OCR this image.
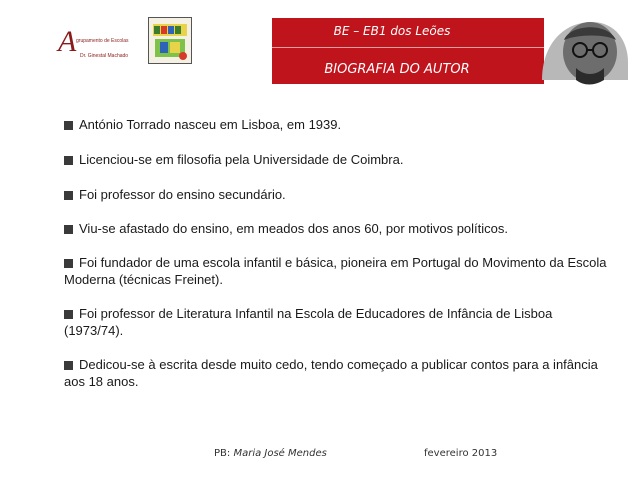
A grupamento de Escolas
Dr. Ginestal Machado
BE – EB1 dos Leões
BIOGRAFIA DO AUTOR

António Torrado nasceu em Lisboa, em 1939.

Licenciou-se em filosofia pela Universidade de Coimbra.

Foi professor do ensino secundário.

Viu-se afastado do ensino, em meados dos anos 60, por motivos políticos.

Foi fundador de uma escola infantil e básica, pioneira em Portugal do Movimento da Escola Moderna (técnicas Freinet).

Foi professor de Literatura Infantil na Escola de Educadores de Infância de Lisboa (1973/74).

Dedicou-se à escrita desde muito cedo, tendo começado a publicar contos para a infância aos 18 anos.

PB: Maria José Mendes	fevereiro 2013
